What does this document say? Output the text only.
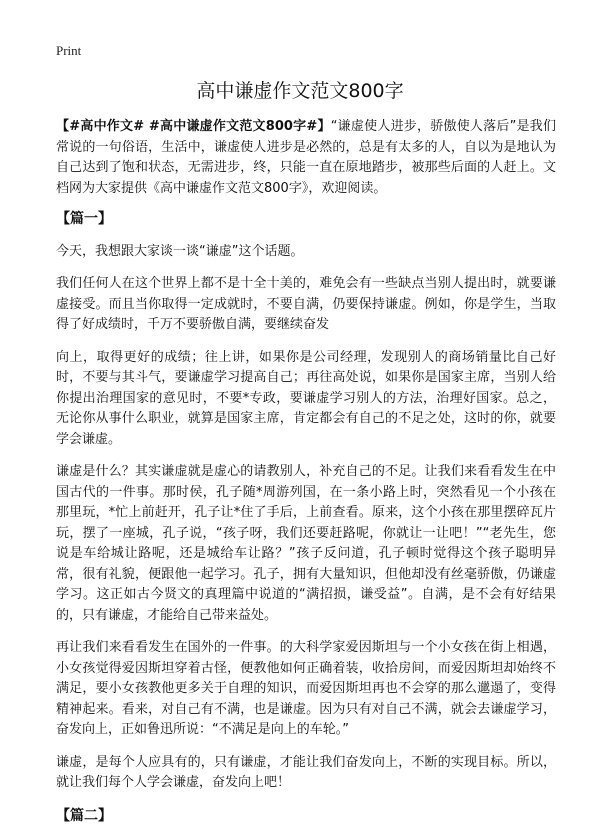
Print
高中谦虚作文范文800字

【#高中作文# #高中谦虚作文范文800字#】“谦虚使人进步，骄傲使人落后”是我们常说的一句俗语，生活中，谦虚使人进步是必然的，总是有太多的人，自以为是地认为自己达到了饱和状态，无需进步，终，只能一直在原地踏步，被那些后面的人赶上。文档网为大家提供《高中谦虚作文范文800字》，欢迎阅读。

【篇一】

今天，我想跟大家谈一谈“谦虚”这个话题。

我们任何人在这个世界上都不是十全十美的，难免会有一些缺点当别人提出时，就要谦虚接受。而且当你取得一定成就时，不要自满，仍要保持谦虚。例如，你是学生，当取得了好成绩时，千万不要骄傲自满，要继续奋发

向上，取得更好的成绩；往上讲，如果你是公司经理，发现别人的商场销量比自己好时，不要与其斗气，要谦虚学习提高自己；再往高处说，如果你是国家主席，当别人给你提出治理国家的意见时，不要*专政，要谦虚学习别人的方法，治理好国家。总之，无论你从事什么职业，就算是国家主席，肯定都会有自己的不足之处，这时的你，就要学会谦虚。

谦虚是什么？其实谦虚就是虚心的请教别人，补充自己的不足。让我们来看看发生在中国古代的一件事。那时侯，孔子随*周游列国，在一条小路上时，突然看见一个小孩在那里玩，*忙上前赶开，孔子让*住了手后，上前查看。原来，这个小孩在那里摆碎瓦片玩，摆了一座城，孔子说，“孩子呀，我们还要赶路呢，你就让一让吧！”“老先生，您说是车给城让路呢，还是城给车让路？”孩子反问道，孔子顿时觉得这个孩子聪明异常，很有礼貌，便跟他一起学习。孔子，拥有大量知识，但他却没有丝毫骄傲，仍谦虚学习。这正如古今贤文的真理篇中说道的“满招损，谦受益”。自满，是不会有好结果的，只有谦虚，才能给自己带来益处。

再让我们来看看发生在国外的一件事。的大科学家爱因斯坦与一个小女孩在街上相遇，小女孩觉得爱因斯坦穿着古怪，便教他如何正确着装，收拾房间，而爱因斯坦却始终不满足，要小女孩教他更多关于自理的知识，而爱因斯坦再也不会穿的那么邋遢了，变得精神起来。看来，对自己有不满，也是谦虚。因为只有对自己不满，就会去谦虚学习，奋发向上，正如鲁迅所说：“不满足是向上的车轮。”

谦虚，是每个人应具有的，只有谦虚，才能让我们奋发向上，不断的实现目标。所以，就让我们每个人学会谦虚，奋发向上吧！

【篇二】
